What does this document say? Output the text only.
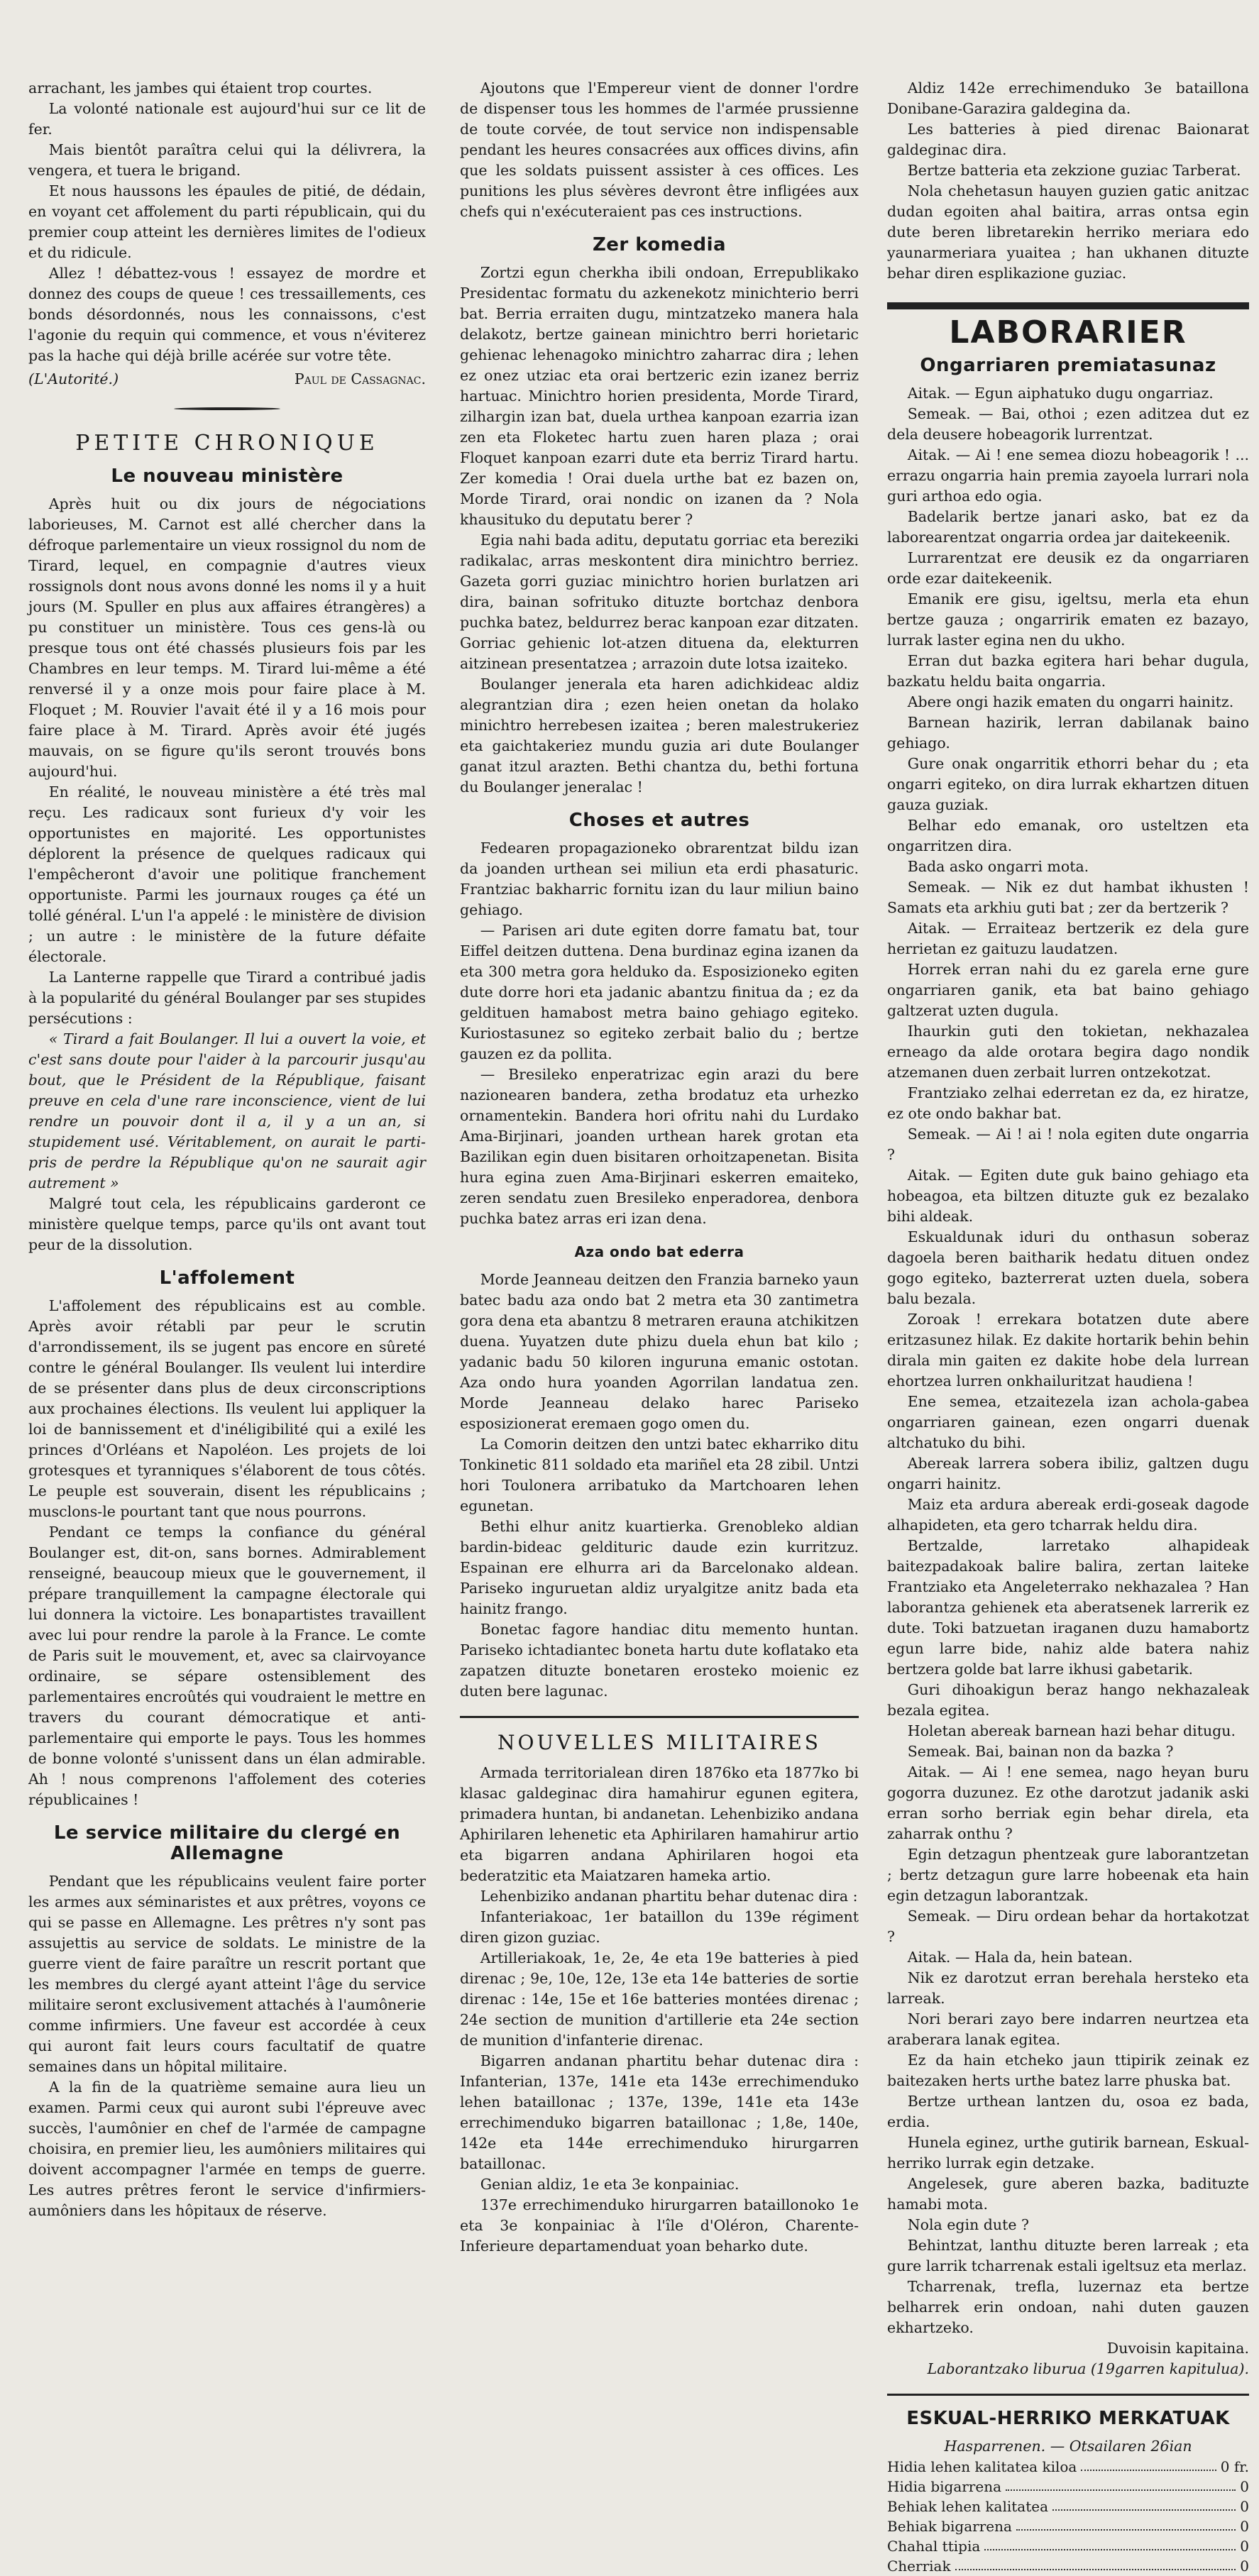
arrachant, les jambes qui étaient trop courtes.

La volonté nationale est aujourd'hui sur ce lit de fer.

Mais bientôt paraîtra celui qui la délivrera, la vengera, et tuera le brigand.

Et nous haussons les épaules de pitié, de dédain, en voyant cet affolement du parti républicain, qui du premier coup atteint les dernières limites de l'odieux et du ridicule.

Allez ! débattez-vous ! essayez de mordre et donnez des coups de queue ! ces tressaillements, ces bonds désordonnés, nous les connaissons, c'est l'agonie du requin qui commence, et vous n'éviterez pas la hache qui déjà brille acérée sur votre tête.

(L'Autorité.)	Paul de Cassagnac.
PETITE CHRONIQUE
Le nouveau ministère

Après huit ou dix jours de négociations laborieuses, M. Carnot est allé chercher dans la défroque parlementaire un vieux rossignol du nom de Tirard, lequel, en compagnie d'autres vieux rossignols dont nous avons donné les noms il y a huit jours (M. Spuller en plus aux affaires étrangères) a pu constituer un ministère. Tous ces gens-là ou presque tous ont été chassés plusieurs fois par les Chambres en leur temps. M. Tirard lui-même a été renversé il y a onze mois pour faire place à M. Floquet ; M. Rouvier l'avait été il y a 16 mois pour faire place à M. Tirard. Après avoir été jugés mauvais, on se figure qu'ils seront trouvés bons aujourd'hui.

En réalité, le nouveau ministère a été très mal reçu. Les radicaux sont furieux d'y voir les opportunistes en majorité. Les opportunistes déplorent la présence de quelques radicaux qui l'empêcheront d'avoir une politique franchement opportuniste. Parmi les journaux rouges ça été un tollé général. L'un l'a appelé : le ministère de division ; un autre : le ministère de la future défaite électorale.

La Lanterne rappelle que Tirard a contribué jadis à la popularité du général Boulanger par ses stupides persécutions :

« Tirard a fait Boulanger. Il lui a ouvert la voie, et c'est sans doute pour l'aider à la parcourir jusqu'au bout, que le Président de la République, faisant preuve en cela d'une rare inconscience, vient de lui rendre un pouvoir dont il a, il y a un an, si stupidement usé. Véritablement, on aurait le parti-pris de perdre la République qu'on ne saurait agir autrement »

Malgré tout cela, les républicains garderont ce ministère quelque temps, parce qu'ils ont avant tout peur de la dissolution.

L'affolement

L'affolement des républicains est au comble. Après avoir rétabli par peur le scrutin d'arrondissement, ils se jugent pas encore en sûreté contre le général Boulanger. Ils veulent lui interdire de se présenter dans plus de deux circonscriptions aux prochaines élections. Ils veulent lui appliquer la loi de bannissement et d'inéligibilité qui a exilé les princes d'Orléans et Napoléon. Les projets de loi grotesques et tyranniques s'élaborent de tous côtés. Le peuple est souverain, disent les républicains ; musclons-le pourtant tant que nous pourrons.

Pendant ce temps la confiance du général Boulanger est, dit-on, sans bornes. Admirablement renseigné, beaucoup mieux que le gouvernement, il prépare tranquillement la campagne électorale qui lui donnera la victoire. Les bonapartistes travaillent avec lui pour rendre la parole à la France. Le comte de Paris suit le mouvement, et, avec sa clairvoyance ordinaire, se sépare ostensiblement des parlementaires encroûtés qui voudraient le mettre en travers du courant démocratique et anti-parlementaire qui emporte le pays. Tous les hommes de bonne volonté s'unissent dans un élan admirable. Ah ! nous comprenons l'affolement des coteries républicaines !

Le service militaire du clergé en Allemagne

Pendant que les républicains veulent faire porter les armes aux séminaristes et aux prêtres, voyons ce qui se passe en Allemagne. Les prêtres n'y sont pas assujettis au service de soldats. Le ministre de la guerre vient de faire paraître un rescrit portant que les membres du clergé ayant atteint l'âge du service militaire seront exclusivement attachés à l'aumônerie comme infirmiers. Une faveur est accordée à ceux qui auront fait leurs cours facultatif de quatre semaines dans un hôpital militaire.

A la fin de la quatrième semaine aura lieu un examen. Parmi ceux qui auront subi l'épreuve avec succès, l'aumônier en chef de l'armée de campagne choisira, en premier lieu, les aumôniers militaires qui doivent accompagner l'armée en temps de guerre. Les autres prêtres feront le service d'infirmiers-aumôniers dans les hôpitaux de réserve.

Ajoutons que l'Empereur vient de donner l'ordre de dispenser tous les hommes de l'armée prussienne de toute corvée, de tout service non indispensable pendant les heures consacrées aux offices divins, afin que les soldats puissent assister à ces offices. Les punitions les plus sévères devront être infligées aux chefs qui n'exécuteraient pas ces instructions.

Zer komedia

Zortzi egun cherkha ibili ondoan, Errepublikako Presidentac formatu du azkenekotz minichterio berri bat. Berria erraiten dugu, mintzatzeko manera hala delakotz, bertze gainean minichtro berri horietaric gehienac lehenagoko minichtro zaharrac dira ; lehen ez onez utziac eta orai bertzeric ezin izanez berriz hartuac. Minichtro horien presidenta, Morde Tirard, zilhargin izan bat, duela urthea kanpoan ezarria izan zen eta Floketec hartu zuen haren plaza ; orai Floquet kanpoan ezarri dute eta berriz Tirard hartu. Zer komedia ! Orai duela urthe bat ez bazen on, Morde Tirard, orai nondic on izanen da ? Nola khausituko du deputatu berer ?

Egia nahi bada aditu, deputatu gorriac eta bereziki radikalac, arras meskontent dira minichtro berriez. Gazeta gorri guziac minichtro horien burlatzen ari dira, bainan sofrituko dituzte bortchaz denbora puchka batez, beldurrez berac kanpoan ezar ditzaten. Gorriac gehienic lot-atzen dituena da, elekturren aitzinean presentatzea ; arrazoin dute lotsa izaiteko.

Boulanger jenerala eta haren adichkideac aldiz alegrantzian dira ; ezen heien onetan da holako minichtro herrebesen izaitea ; beren malestrukeriez eta gaichtakeriez mundu guzia ari dute Boulanger ganat itzul arazten. Bethi chantza du, bethi fortuna du Boulanger jeneralac !

Choses et autres

Fedearen propagazioneko obrarentzat bildu izan da joanden urthean sei miliun eta erdi phasaturic. Frantziac bakharric fornitu izan du laur miliun baino gehiago.

— Parisen ari dute egiten dorre famatu bat, tour Eiffel deitzen duttena. Dena burdinaz egina izanen da eta 300 metra gora helduko da. Esposizioneko egiten dute dorre hori eta jadanic abantzu finitua da ; ez da geldituen hamabost metra baino gehiago egiteko. Kuriostasunez so egiteko zerbait balio du ; bertze gauzen ez da pollita.

— Bresileko enperatrizac egin arazi du bere nazionearen bandera, zetha brodatuz eta urhezko ornamentekin. Bandera hori ofritu nahi du Lurdako Ama-Birjinari, joanden urthean harek grotan eta Bazilikan egin duen bisitaren orhoitzapenetan. Bisita hura egina zuen Ama-Birjinari eskerren emaiteko, zeren sendatu zuen Bresileko enperadorea, denbora puchka batez arras eri izan dena.

Aza ondo bat ederra

Morde Jeanneau deitzen den Franzia barneko yaun batec badu aza ondo bat 2 metra eta 30 zantimetra gora dena eta abantzu 8 metraren erauna atchikitzen duena. Yuyatzen dute phizu duela ehun bat kilo ; yadanic badu 50 kiloren inguruna emanic ostotan. Aza ondo hura yoanden Agorrilan landatua zen. Morde Jeanneau delako harec Pariseko esposizionerat eremaen gogo omen du.

La Comorin deitzen den untzi batec ekharriko ditu Tonkinetic 811 soldado eta mariñel eta 28 zibil. Untzi hori Toulonera arribatuko da Martchoaren lehen egunetan.

Bethi elhur anitz kuartierka. Grenobleko aldian bardin-bideac geldituric daude ezin kurritzuz. Espainan ere elhurra ari da Barcelonako aldean. Pariseko inguruetan aldiz uryalgitze anitz bada eta hainitz frango.

Bonetac fagore handiac ditu memento huntan. Pariseko ichtadiantec boneta hartu dute koflatako eta zapatzen dituzte bonetaren erosteko moienic ez duten bere lagunac.

NOUVELLES MILITAIRES

Armada territorialean diren 1876ko eta 1877ko bi klasac galdeginac dira hamahirur egunen egitera, primadera huntan, bi andanetan. Lehenbiziko andana Aphirilaren lehenetic eta Aphirilaren hamahirur artio eta bigarren andana Aphirilaren hogoi eta bederatzitic eta Maiatzaren hameka artio.

Lehenbiziko andanan phartitu behar dutenac dira :

Infanteriakoac, 1er bataillon du 139e régiment diren gizon guziac.

Artilleriakoak, 1e, 2e, 4e eta 19e batteries à pied direnac ; 9e, 10e, 12e, 13e eta 14e batteries de sortie direnac : 14e, 15e et 16e batteries montées direnac ; 24e section de munition d'artillerie eta 24e section de munition d'infanterie direnac.

Bigarren andanan phartitu behar dutenac dira : Infanterian, 137e, 141e eta 143e errechimenduko lehen bataillonac ; 137e, 139e, 141e eta 143e errechimenduko bigarren bataillonac ; 1,8e, 140e, 142e eta 144e errechimenduko hirurgarren bataillonac.

Genian aldiz, 1e eta 3e konpainiac.

137e errechimenduko hirurgarren bataillonoko 1e eta 3e konpainiac à l'île d'Oléron, Charente-Inferieure departamenduat yoan beharko dute.

Aldiz 142e errechimenduko 3e bataillona Donibane-Garazira galdegina da.

Les batteries à pied direnac Baionarat galdeginac dira.

Bertze batteria eta zekzione guziac Tarberat.

Nola chehetasun hauyen guzien gatic anitzac dudan egoiten ahal baitira, arras ontsa egin dute beren libretarekin herriko meriara edo yaunarmeriara yuaitea ; han ukhanen dituzte behar diren esplikazione guziac.

LABORARIER
Ongarriaren premiatasunaz

Aitak. — Egun aiphatuko dugu ongarriaz.

Semeak. — Bai, othoi ; ezen aditzea dut ez dela deusere hobeagorik lurrentzat.

Aitak. — Ai ! ene semea diozu hobeagorik ! ... errazu ongarria hain premia zayoela lurrari nola guri arthoa edo ogia.

Badelarik bertze janari asko, bat ez da laborearentzat ongarria ordea jar daitekeenik.

Lurrarentzat ere deusik ez da ongarriaren orde ezar daitekeenik.

Emanik ere gisu, igeltsu, merla eta ehun bertze gauza ; ongarririk ematen ez bazayo, lurrak laster egina nen du ukho.

Erran dut bazka egitera hari behar dugula, bazkatu heldu baita ongarria.

Abere ongi hazik ematen du ongarri hainitz.

Barnean hazirik, lerran dabilanak baino gehiago.

Gure onak ongarritik ethorri behar du ; eta ongarri egiteko, on dira lurrak ekhartzen dituen gauza guziak.

Belhar edo emanak, oro usteltzen eta ongarritzen dira.

Bada asko ongarri mota.

Semeak. — Nik ez dut hambat ikhusten ! Samats eta arkhiu guti bat ; zer da bertzerik ?

Aitak. — Erraiteaz bertzerik ez dela gure herrietan ez gaituzu laudatzen.

Horrek erran nahi du ez garela erne gure ongarriaren ganik, eta bat baino gehiago galtzerat uzten dugula.

Ihaurkin guti den tokietan, nekhazalea erneago da alde orotara begira dago nondik atzemanen duen zerbait lurren ontzekotzat.

Frantziako zelhai ederretan ez da, ez hiratze, ez ote ondo bakhar bat.

Semeak. — Ai ! ai ! nola egiten dute ongarria ?

Aitak. — Egiten dute guk baino gehiago eta hobeagoa, eta biltzen dituzte guk ez bezalako bihi aldeak.

Eskualdunak iduri du onthasun soberaz dagoela beren baitharik hedatu dituen ondez gogo egiteko, bazterrerat uzten duela, sobera balu bezala.

Zoroak ! errekara botatzen dute abere eritzasunez hilak. Ez dakite hortarik behin behin dirala min gaiten ez dakite hobe dela lurrean ehortzea lurren onkhailuritzat haudiena !

Ene semea, etzaitezela izan achola-gabea ongarriaren gainean, ezen ongarri duenak altchatuko du bihi.

Abereak larrera sobera ibiliz, galtzen dugu ongarri hainitz.

Maiz eta ardura abereak erdi-goseak dagode alhapideten, eta gero tcharrak heldu dira.

Bertzalde, larretako alhapideak baitezpadakoak balire balira, zertan laiteke Frantziako eta Angeleterrako nekhazalea ? Han laborantza gehienek eta aberatsenek larrerik ez dute. Toki batzuetan iraganen duzu hamabortz egun larre bide, nahiz alde batera nahiz bertzera golde bat larre ikhusi gabetarik.

Guri dihoakigun beraz hango nekhazaleak bezala egitea.

Holetan abereak barnean hazi behar ditugu.

Semeak. Bai, bainan non da bazka ?

Aitak. — Ai ! ene semea, nago heyan buru gogorra duzunez. Ez othe darotzut jadanik aski erran sorho berriak egin behar direla, eta zaharrak onthu ?

Egin detzagun phentzeak gure laborantzetan ; bertz detzagun gure larre hobeenak eta hain egin detzagun laborantzak.

Semeak. — Diru ordean behar da hortakotzat ?

Aitak. — Hala da, hein batean.

Nik ez darotzut erran berehala hersteko eta larreak.

Nori berari zayo bere indarren neurtzea eta araberara lanak egitea.

Ez da hain etcheko jaun ttipirik zeinak ez baitezaken herts urthe batez larre phuska bat.

Bertze urthean lantzen du, osoa ez bada, erdia.

Hunela eginez, urthe gutirik barnean, Eskual-herriko lurrak egin detzake.

Angelesek, gure aberen bazka, badituzte hamabi mota.

Nola egin dute ?

Behintzat, lanthu dituzte beren larreak ; eta gure larrik tcharrenak estali igeltsuz eta merlaz.

Tcharrenak, trefla, luzernaz eta bertze belharrek erin ondoan, nahi duten gauzen ekhartzeko.

Duvoisin kapitaina.
Laborantzako liburua (19garren kapitulua).
ESKUAL-HERRIKO MERKATUAK
Hasparrenen. — Otsailaren 26ian
Hidia lehen kalitatea kiloa	0 fr.
Hidia bigarrena	0
Behiak lehen kalitatea	0
Behiak bigarrena	0
Chahal ttipia	0
Cherriak	0
